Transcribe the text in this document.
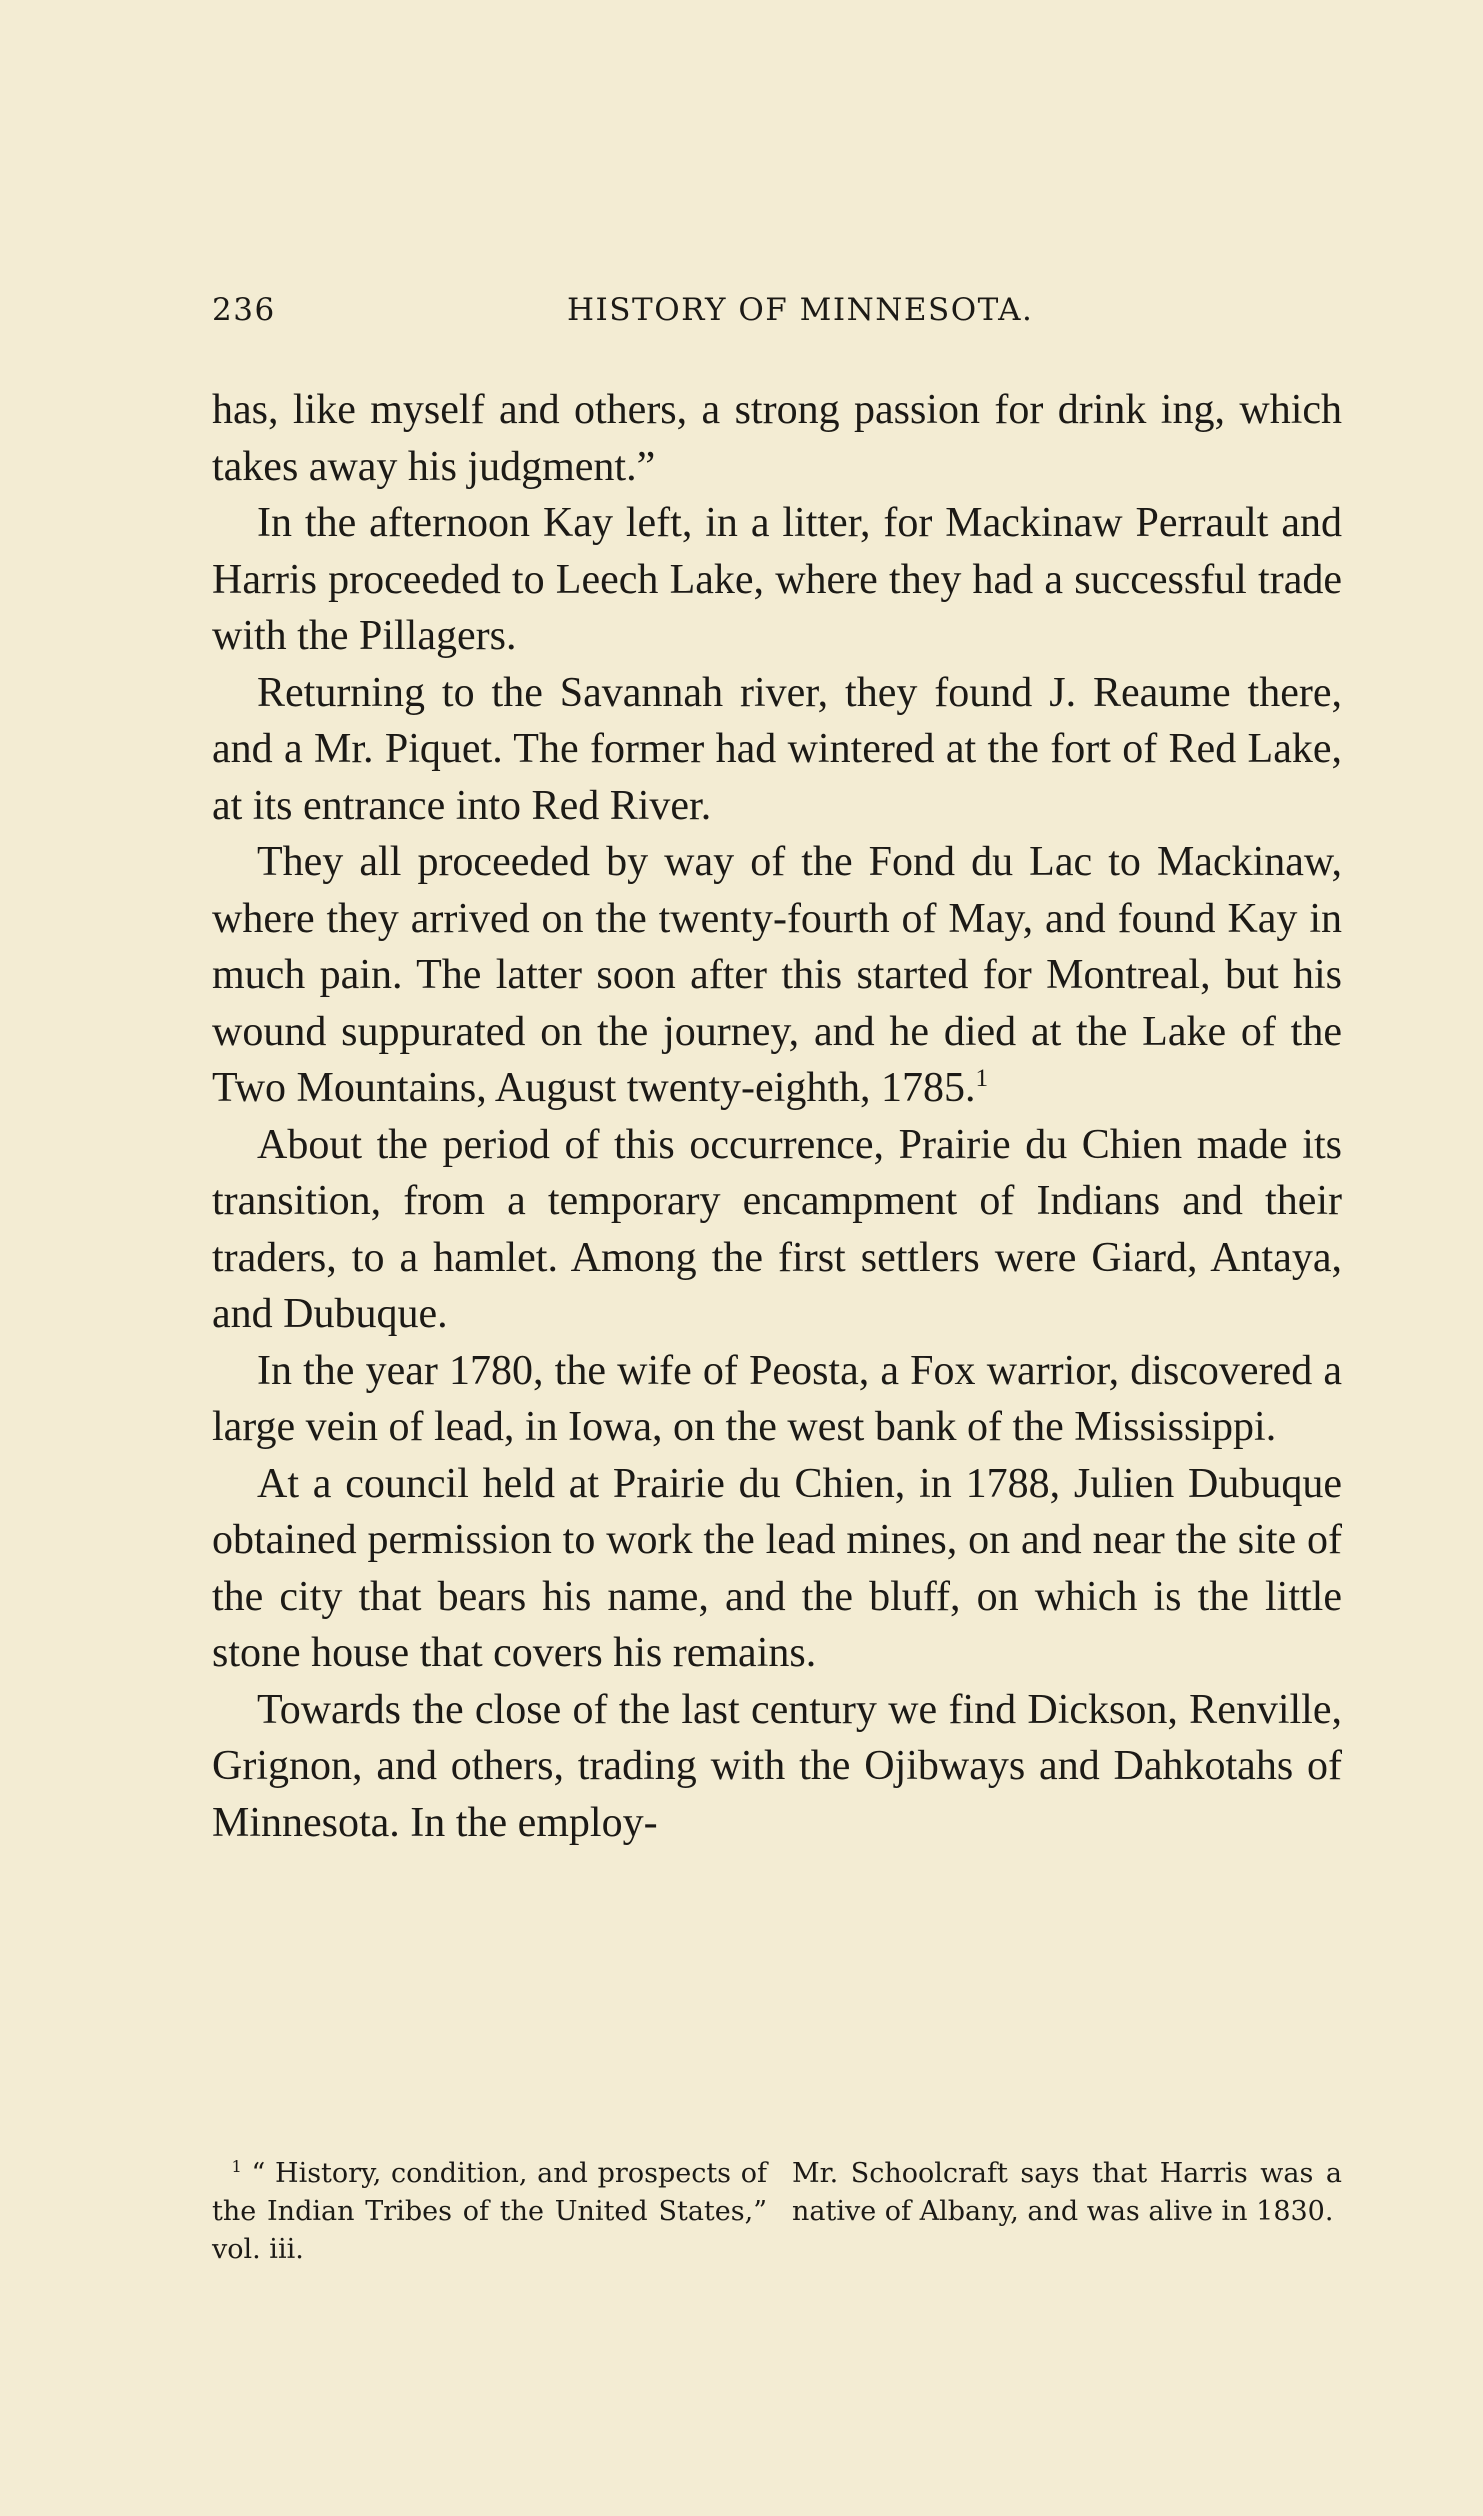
236	HISTORY OF MINNESOTA.

has, like myself and others, a strong passion for drink ing, which takes away his judgment.”

In the afternoon Kay left, in a litter, for Mackinaw Perrault and Harris proceeded to Leech Lake, where they had a successful trade with the Pillagers.

Returning to the Savannah river, they found J. Reaume there, and a Mr. Piquet. The former had wintered at the fort of Red Lake, at its entrance into Red River.

They all proceeded by way of the Fond du Lac to Mackinaw, where they arrived on the twenty-fourth of May, and found Kay in much pain. The latter soon after this started for Montreal, but his wound suppurated on the journey, and he died at the Lake of the Two Mountains, August twenty-eighth, 1785.$^1$

About the period of this occurrence, Prairie du Chien made its transition, from a temporary encampment of Indians and their traders, to a hamlet. Among the first settlers were Giard, Antaya, and Dubuque.

In the year 1780, the wife of Peosta, a Fox warrior, discovered a large vein of lead, in Iowa, on the west bank of the Mississippi.

At a council held at Prairie du Chien, in 1788, Julien Dubuque obtained permission to work the lead mines, on and near the site of the city that bears his name, and the bluff, on which is the little stone house that covers his remains.

Towards the close of the last century we find Dickson, Renville, Grignon, and others, trading with the Ojibways and Dahkotahs of Minnesota. In the employ-

$^1$ “ History, condition, and prospects of the Indian Tribes of the United States,” vol. iii.
Mr. Schoolcraft says that Harris was a native of Albany, and was alive in 1830.
